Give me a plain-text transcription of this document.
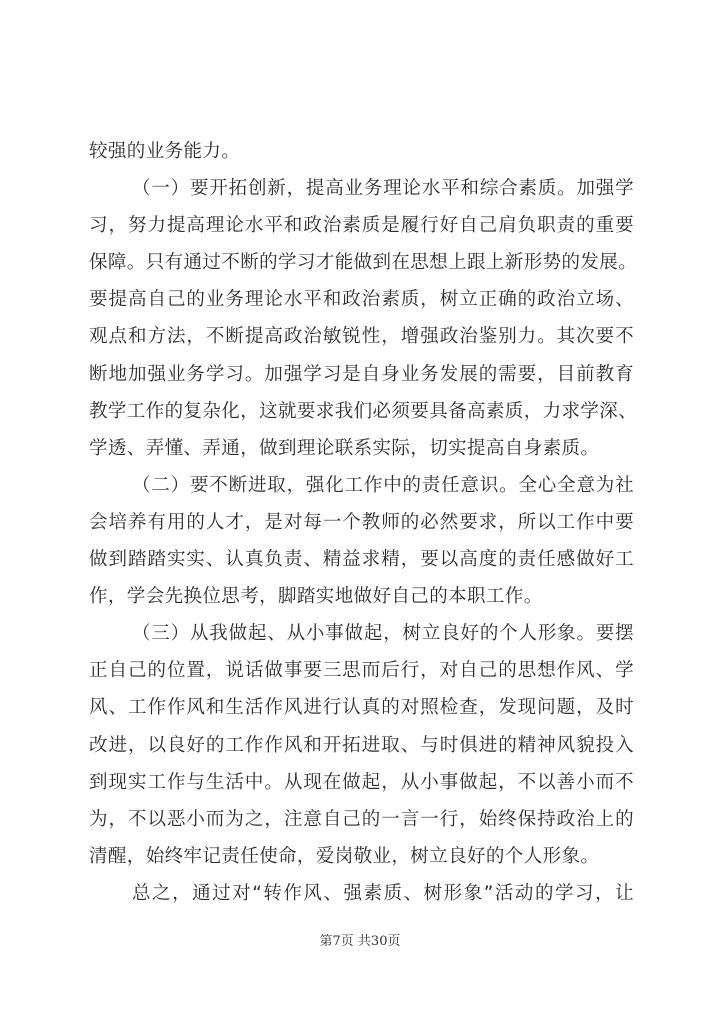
较强的业务能力。
（一）要开拓创新，提高业务理论水平和综合素质。加强学
习，努力提高理论水平和政治素质是履行好自己肩负职责的重要
保障。只有通过不断的学习才能做到在思想上跟上新形势的发展。
要提高自己的业务理论水平和政治素质，树立正确的政治立场、
观点和方法，不断提高政治敏锐性，增强政治鉴别力。其次要不
断地加强业务学习。加强学习是自身业务发展的需要，目前教育
教学工作的复杂化，这就要求我们必须要具备高素质，力求学深、
学透、弄懂、弄通，做到理论联系实际，切实提高自身素质。
（二）要不断进取，强化工作中的责任意识。全心全意为社
会培养有用的人才，是对每一个教师的必然要求，所以工作中要
做到踏踏实实、认真负责、精益求精，要以高度的责任感做好工
作，学会先换位思考，脚踏实地做好自己的本职工作。
（三）从我做起、从小事做起，树立良好的个人形象。要摆
正自己的位置，说话做事要三思而后行，对自己的思想作风、学
风、工作作风和生活作风进行认真的对照检查，发现问题，及时
改进，以良好的工作作风和开拓进取、与时俱进的精神风貌投入
到现实工作与生活中。从现在做起，从小事做起，不以善小而不
为，不以恶小而为之，注意自己的一言一行，始终保持政治上的
清醒，始终牢记责任使命，爱岗敬业，树立良好的个人形象。
总之，通过对“转作风、强素质、树形象”活动的学习，让
第7页 共30页
